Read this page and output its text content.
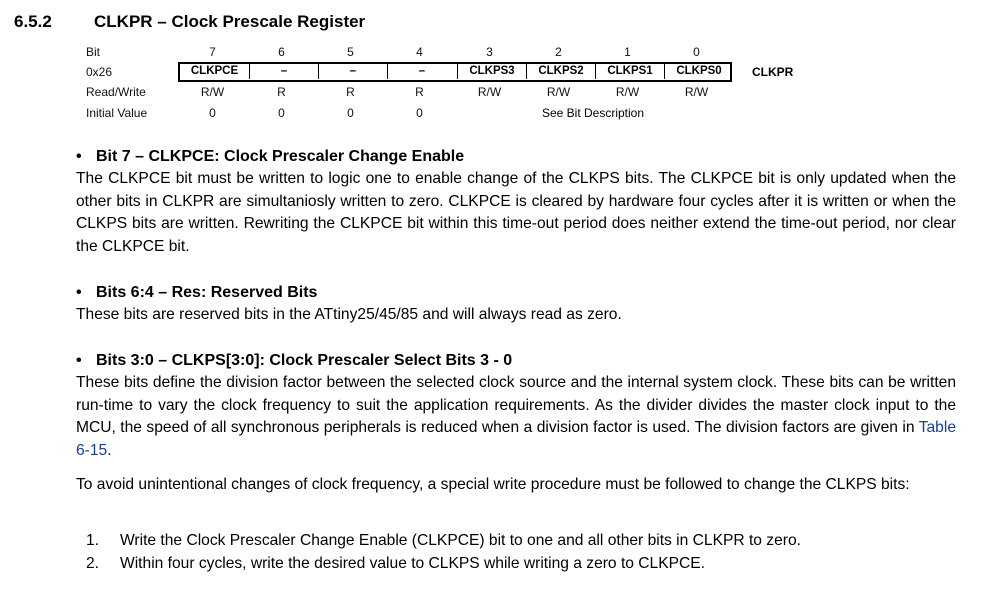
6.5.2 CLKPR – Clock Prescale Register
Bit	7	6	5	4	3	2	1	0
0x26	CLKPCE	–	–	–	CLKPS3	CLKPS2	CLKPS1	CLKPS0	CLKPR
Read/Write	R/W	R	R	R	R/W	R/W	R/W	R/W
Initial Value	0	0	0	0	See Bit Description

• Bit 7 – CLKPCE: Clock Prescaler Change Enable

The CLKPCE bit must be written to logic one to enable change of the CLKPS bits. The CLKPCE bit is only updated when the other bits in CLKPR are simultaniosly written to zero. CLKPCE is cleared by hardware four cycles after it is written or when the CLKPS bits are written. Rewriting the CLKPCE bit within this time-out period does neither extend the time-out period, nor clear the CLKPCE bit.

• Bits 6:4 – Res: Reserved Bits

These bits are reserved bits in the ATtiny25/45/85 and will always read as zero.

• Bits 3:0 – CLKPS[3:0]: Clock Prescaler Select Bits 3 - 0

These bits define the division factor between the selected clock source and the internal system clock. These bits can be written run-time to vary the clock frequency to suit the application requirements. As the divider divides the master clock input to the MCU, the speed of all synchronous peripherals is reduced when a division factor is used. The division factors are given in Table 6-15.

To avoid unintentional changes of clock frequency, a special write procedure must be followed to change the CLKPS bits:

1. Write the Clock Prescaler Change Enable (CLKPCE) bit to one and all other bits in CLKPR to zero.
2. Within four cycles, write the desired value to CLKPS while writing a zero to CLKPCE.
